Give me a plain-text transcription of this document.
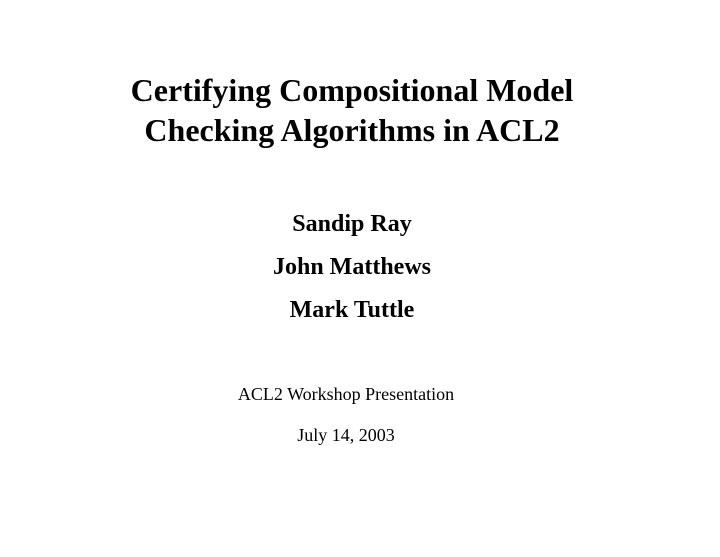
Certifying Compositional Model
Checking Algorithms in ACL2
Sandip Ray
John Matthews
Mark Tuttle
ACL2 Workshop Presentation
July 14, 2003
